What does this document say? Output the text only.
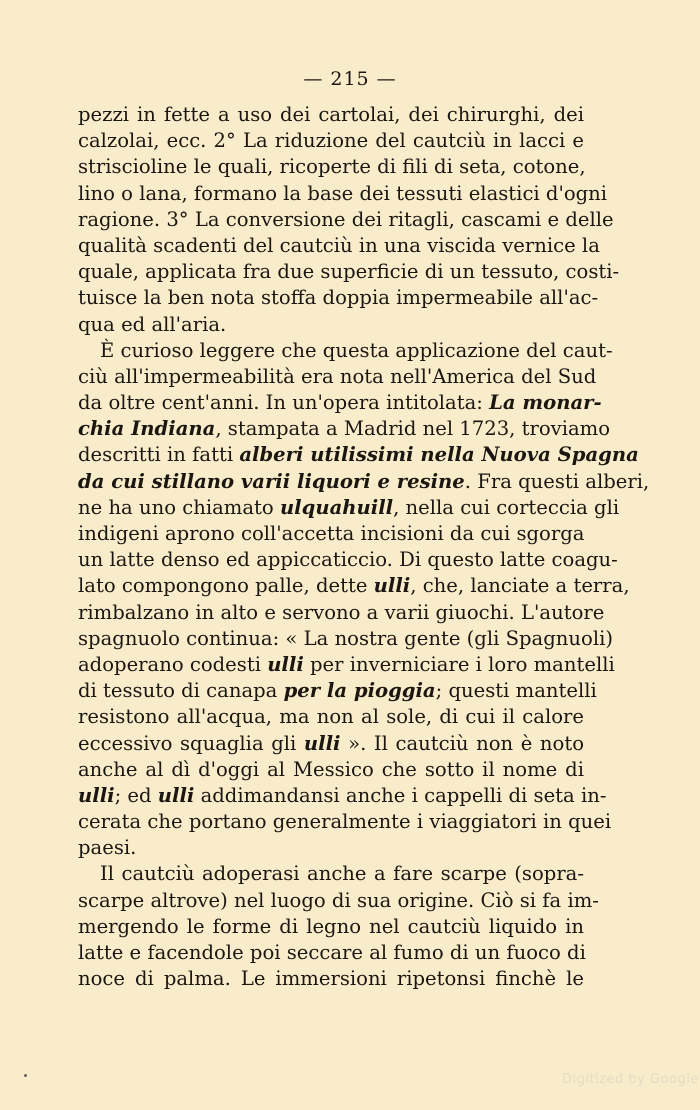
— 215 —
pezzi in fette a uso dei cartolai, dei chirurghi, dei
calzolai, ecc. 2° La riduzione del cautciù in lacci e
striscioline le quali, ricoperte di fili di seta, cotone,
lino o lana, formano la base dei tessuti elastici d'ogni
ragione. 3° La conversione dei ritagli, cascami e delle
qualità scadenti del cautciù in una viscida vernice la
quale, applicata fra due superficie di un tessuto, costi-
tuisce la ben nota stoffa doppia impermeabile all'ac-
qua ed all'aria.
È curioso leggere che questa applicazione del caut-
ciù all'impermeabilità era nota nell'America del Sud
da oltre cent'anni. In un'opera intitolata: La monar-
chia Indiana, stampata a Madrid nel 1723, troviamo
descritti in fatti alberi utilissimi nella Nuova Spagna
da cui stillano varii liquori e resine. Fra questi alberi,
ne ha uno chiamato ulquahuill, nella cui corteccia gli
indigeni aprono coll'accetta incisioni da cui sgorga
un latte denso ed appiccaticcio. Di questo latte coagu-
lato compongono palle, dette ulli, che, lanciate a terra,
rimbalzano in alto e servono a varii giuochi. L'autore
spagnuolo continua: « La nostra gente (gli Spagnuoli)
adoperano codesti ulli per inverniciare i loro mantelli
di tessuto di canapa per la pioggia; questi mantelli
resistono all'acqua, ma non al sole, di cui il calore
eccessivo squaglia gli ulli ». Il cautciù non è noto
anche al dì d'oggi al Messico che sotto il nome di
ulli; ed ulli addimandansi anche i cappelli di seta in-
cerata che portano generalmente i viaggiatori in quei
paesi.
Il cautciù adoperasi anche a fare scarpe (sopra-
scarpe altrove) nel luogo di sua origine. Ciò si fa im-
mergendo le forme di legno nel cautciù liquido in
latte e facendole poi seccare al fumo di un fuoco di
noce di palma. Le immersioni ripetonsi finchè le
Digitized by Google
